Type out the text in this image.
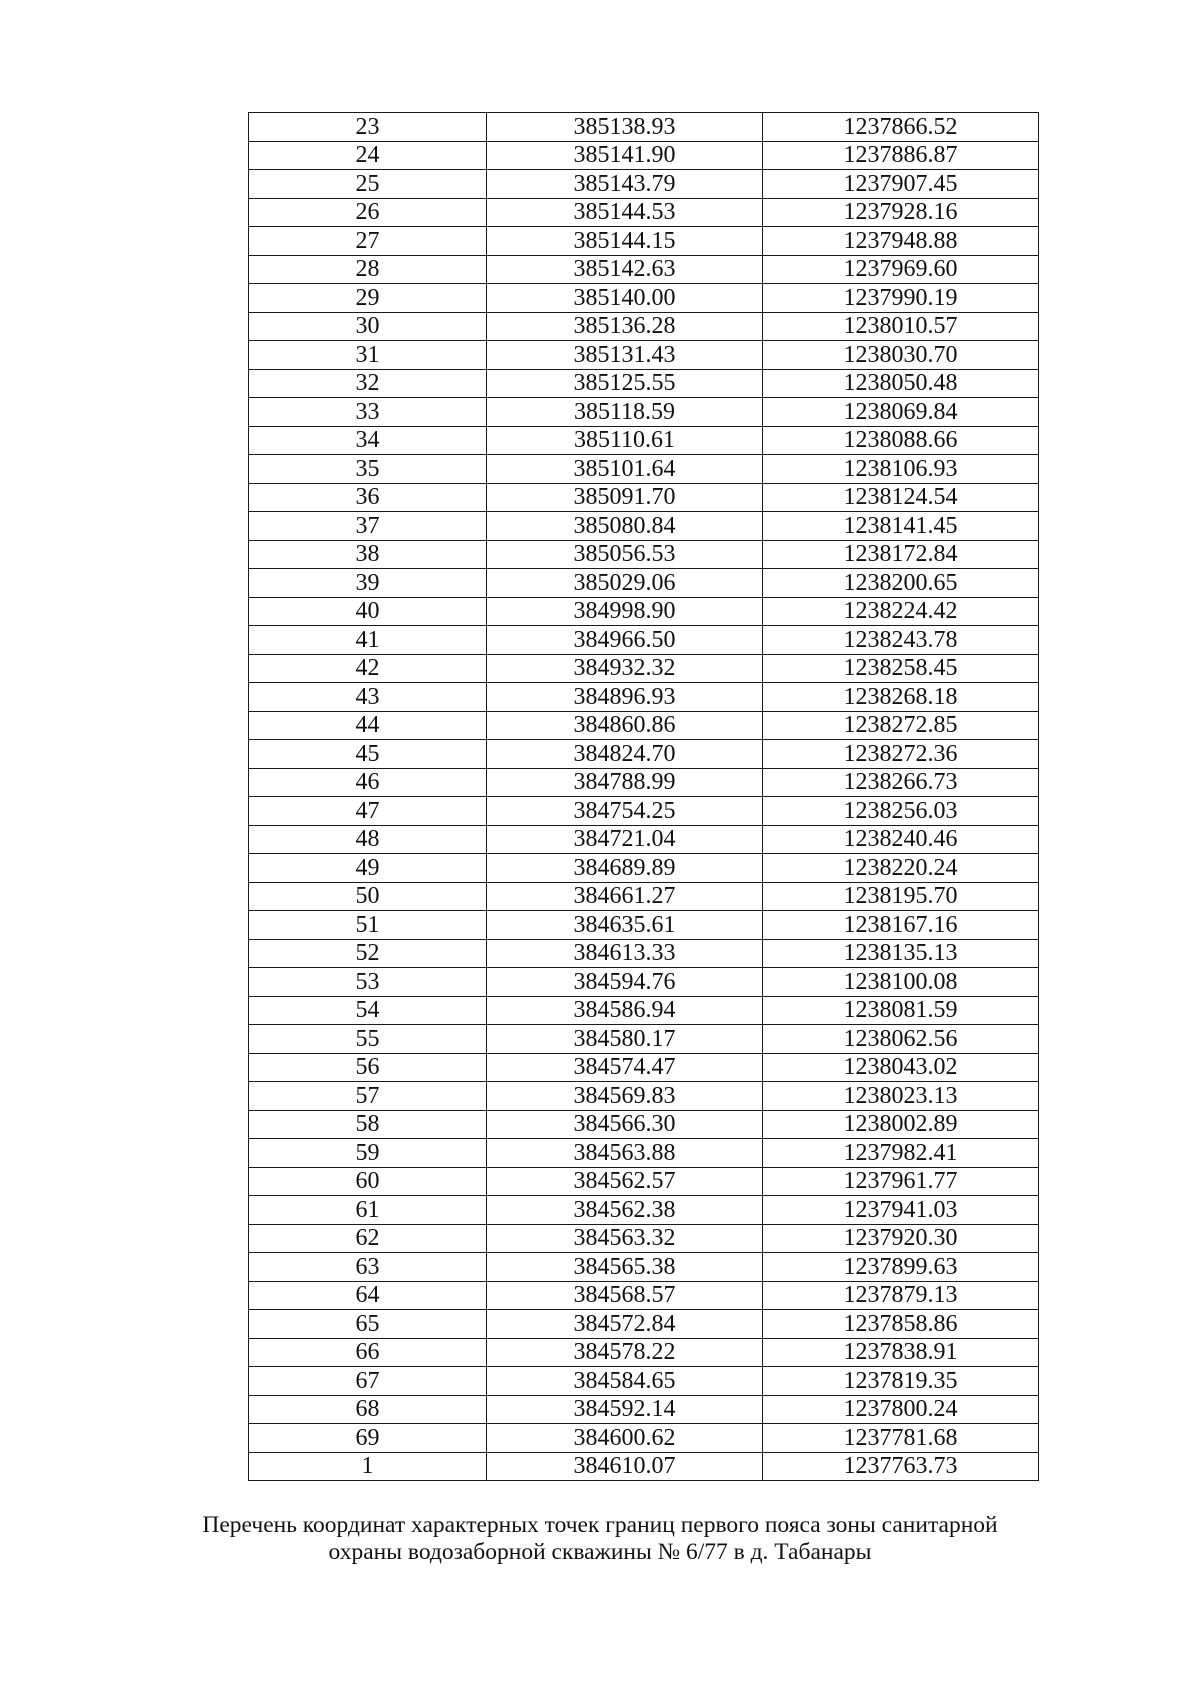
23	385138.93	1237866.52
24	385141.90	1237886.87
25	385143.79	1237907.45
26	385144.53	1237928.16
27	385144.15	1237948.88
28	385142.63	1237969.60
29	385140.00	1237990.19
30	385136.28	1238010.57
31	385131.43	1238030.70
32	385125.55	1238050.48
33	385118.59	1238069.84
34	385110.61	1238088.66
35	385101.64	1238106.93
36	385091.70	1238124.54
37	385080.84	1238141.45
38	385056.53	1238172.84
39	385029.06	1238200.65
40	384998.90	1238224.42
41	384966.50	1238243.78
42	384932.32	1238258.45
43	384896.93	1238268.18
44	384860.86	1238272.85
45	384824.70	1238272.36
46	384788.99	1238266.73
47	384754.25	1238256.03
48	384721.04	1238240.46
49	384689.89	1238220.24
50	384661.27	1238195.70
51	384635.61	1238167.16
52	384613.33	1238135.13
53	384594.76	1238100.08
54	384586.94	1238081.59
55	384580.17	1238062.56
56	384574.47	1238043.02
57	384569.83	1238023.13
58	384566.30	1238002.89
59	384563.88	1237982.41
60	384562.57	1237961.77
61	384562.38	1237941.03
62	384563.32	1237920.30
63	384565.38	1237899.63
64	384568.57	1237879.13
65	384572.84	1237858.86
66	384578.22	1237838.91
67	384584.65	1237819.35
68	384592.14	1237800.24
69	384600.62	1237781.68
1	384610.07	1237763.73
Перечень координат характерных точек границ первого пояса зоны санитарной
охраны водозаборной скважины № 6/77 в д. Табанары
